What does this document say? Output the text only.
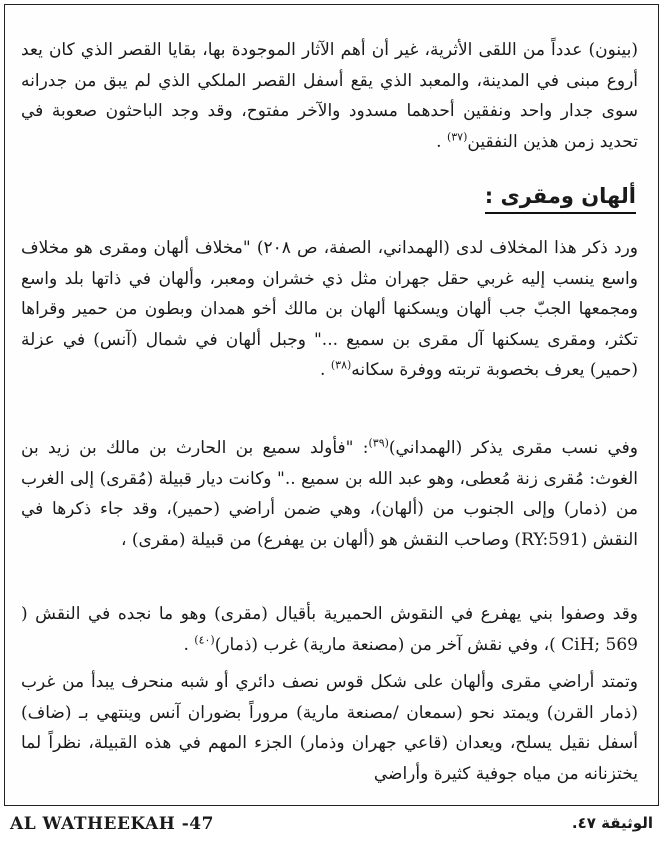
(بينون) عدداً من اللقى الأثرية، غير أن أهم الآثار الموجودة بها، بقايا القصر الذي كان يعد أروع مبنى في المدينة، والمعبد الذي يقع أسفل القصر الملكي الذي لم يبق من جدرانه سوى جدار واحد ونفقين أحدهما مسدود والآخر مفتوح، وقد وجد الباحثون صعوبة في تحديد زمن هذين النفقين$^{(٣٧)}$ .

ألهان ومقرى :

ورد ذكر هذا المخلاف لدى (الهمداني، الصفة، ص ٢٠٨) "مخلاف ألهان ومقرى هو مخلاف واسع ينسب إليه غربي حقل جهران مثل ذي خشران ومعبر، وألهان في ذاتها بلد واسع ومجمعها الجبّ جب ألهان ويسكنها ألهان بن مالك أخو همدان وبطون من حمير وقراها تكثر، ومقرى يسكنها آل مقرى بن سميع ..." وجبل ألهان في شمال (آنس) في عزلة (حمير) يعرف بخصوبة تربته ووفرة سكانه$^{(٣٨)}$ .

وفي نسب مقرى يذكر (الهمداني)$^{(٣٩)}$: "فأولد سميع بن الحارث بن مالك بن زيد بن الغوث: مُقرى زنة مُعطى، وهو عبد الله بن سميع .." وكانت ديار قبيلة (مُقرى) إلى الغرب من (ذمار) وإلى الجنوب من (ألهان)، وهي ضمن أراضي (حمير)، وقد جاء ذكرها في النقش (RY:591) وصاحب النقش هو (ألهان بن يهفرع) من قبيلة (مقرى) ،

وقد وصفوا بني يهفرع في النقوش الحميرية بأقيال (مقرى) وهو ما نجده في النقش ( CiH; 569 )، وفي نقش آخر من (مصنعة مارية) غرب (ذمار)$^{(٤٠)}$ .

وتمتد أراضي مقرى وألهان على شكل قوس نصف دائري أو شبه منحرف يبدأ من غرب (ذمار القرن) ويمتد نحو (سمعان /مصنعة مارية) مروراً بضوران آنس وينتهي بـ (ضاف) أسفل نقيل يسلح، ويعدان (قاعي جهران وذمار) الجزء المهم في هذه القبيلة، نظراً لما يختزنانه من مياه جوفية كثيرة وأراضي

AL WATHEEKAH -47	الوثيقة ٤٧.
